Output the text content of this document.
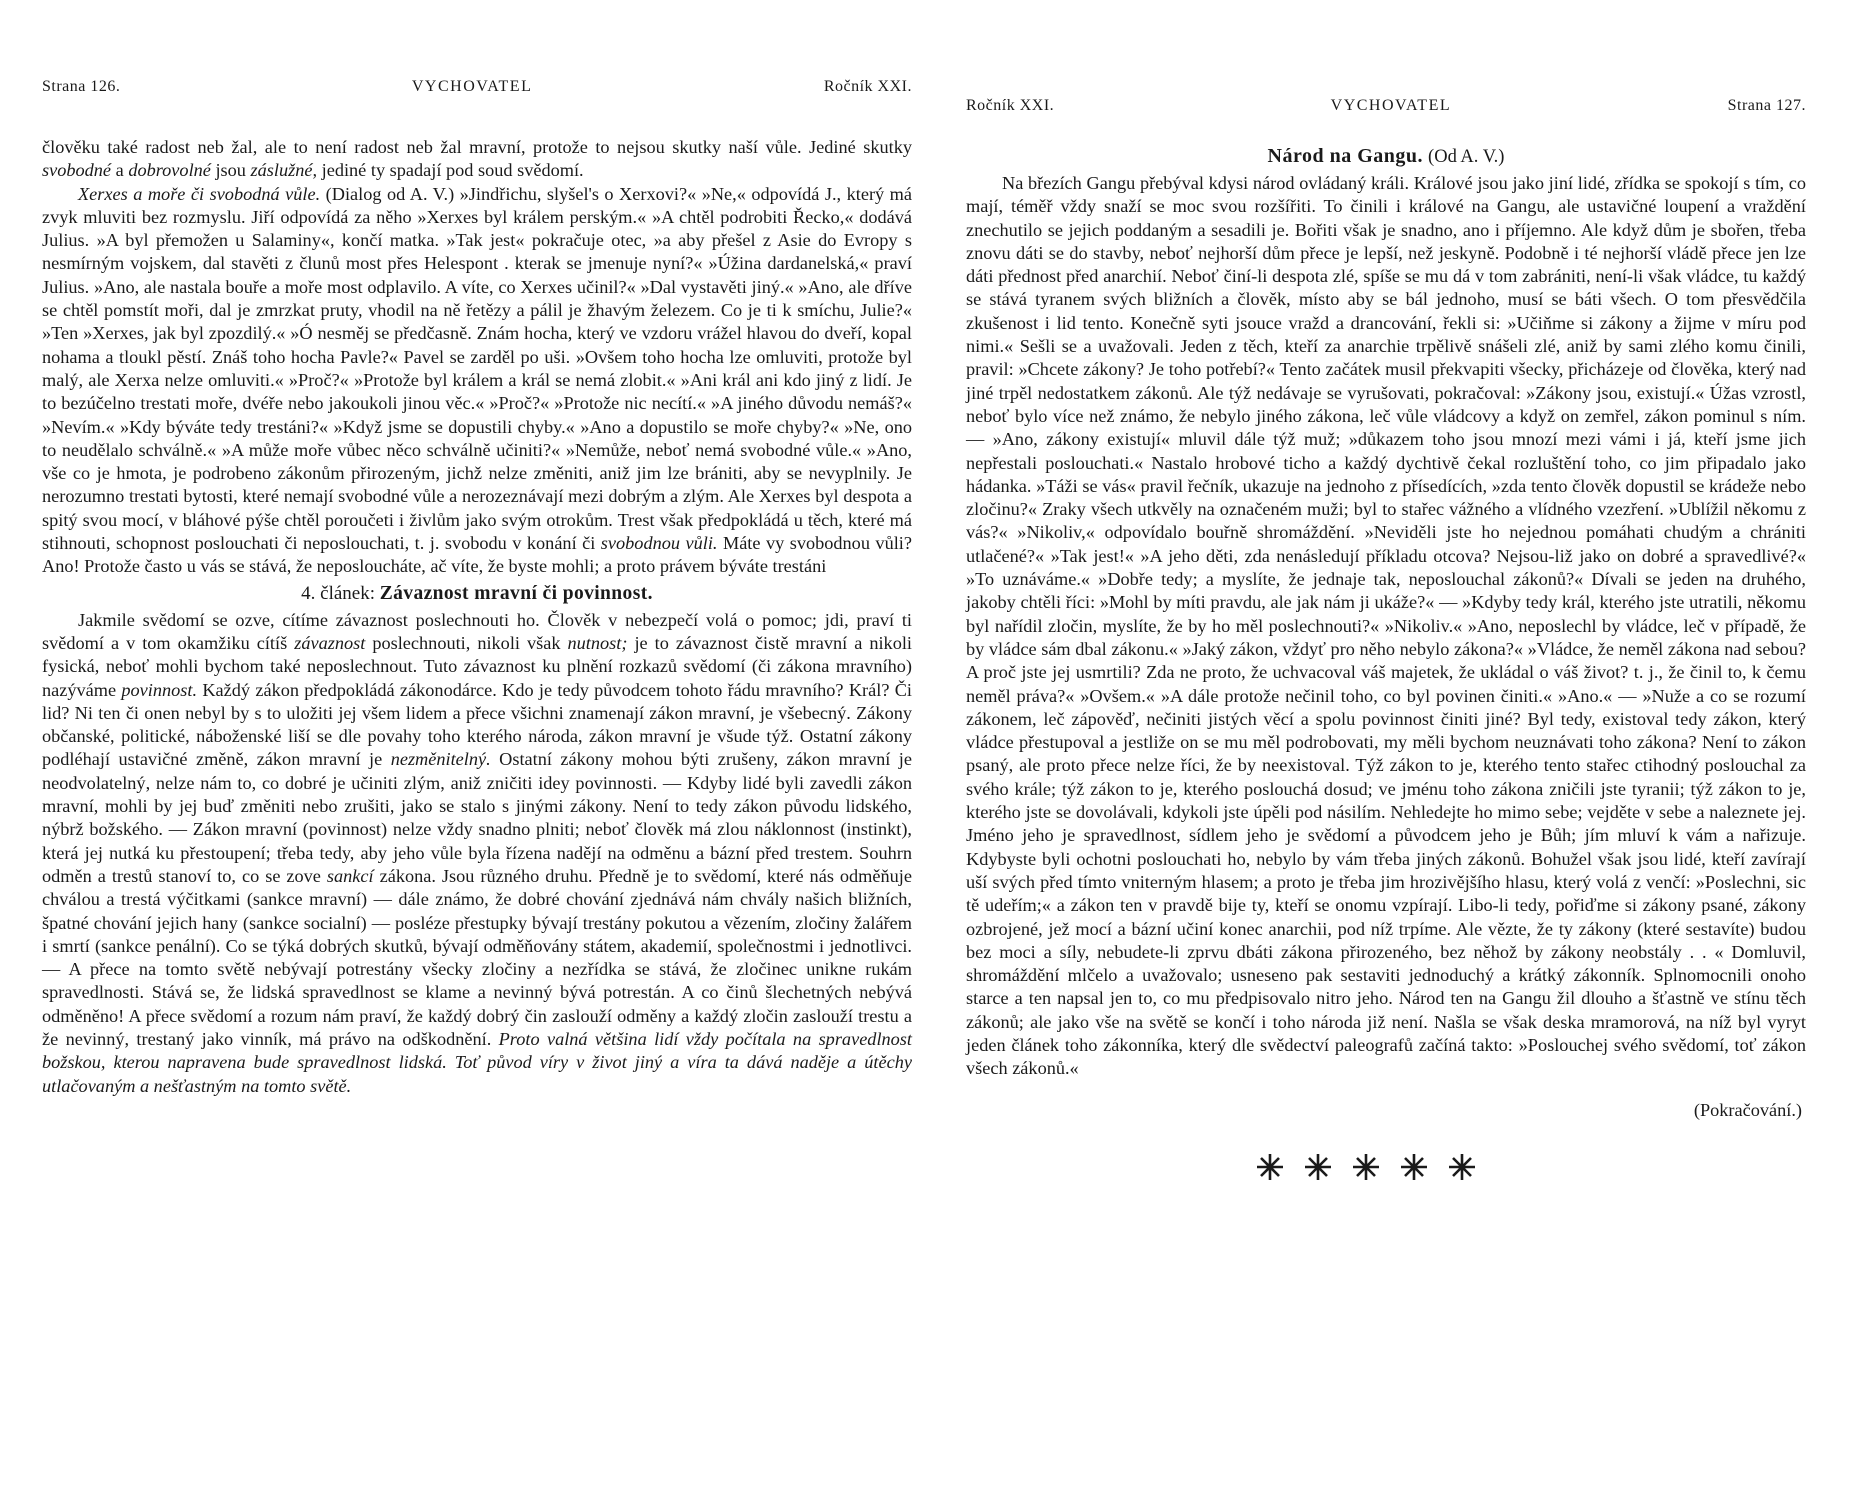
Strana 126.	VYCHOVATEL	Ročník XXI.

člověku také radost neb žal, ale to není radost neb žal mravní, protože to nejsou skutky naší vůle. Jediné skutky svobodné a dobrovolné jsou záslužné, jediné ty spadají pod soud svědomí.

Xerxes a moře či svobodná vůle. (Dialog od A. V.) »Jindřichu, slyšel's o Xerxovi?« »Ne,« odpovídá J., který má zvyk mluviti bez rozmyslu. Jiří odpovídá za něho »Xerxes byl králem perským.« »A chtěl podrobiti Řecko,« dodává Julius. »A byl přemožen u Salaminy«, končí matka. »Tak jest« pokračuje otec, »a aby přešel z Asie do Evropy s nesmírným vojskem, dal stavěti z člunů most přes Helespont . kterak se jmenuje nyní?« »Úžina dardanelská,« praví Julius. »Ano, ale nastala bouře a moře most odplavilo. A víte, co Xerxes učinil?« »Dal vystavěti jiný.« »Ano, ale dříve se chtěl pomstít moři, dal je zmrzkat pruty, vhodil na ně řetězy a pálil je žhavým železem. Co je ti k smíchu, Julie?« »Ten »Xerxes, jak byl zpozdilý.« »Ó nesměj se předčasně. Znám hocha, který ve vzdoru vrážel hlavou do dveří, kopal nohama a tloukl pěstí. Znáš toho hocha Pavle?« Pavel se zarděl po uši. »Ovšem toho hocha lze omluviti, protože byl malý, ale Xerxa nelze omluviti.« »Proč?« »Protože byl králem a král se nemá zlobit.« »Ani král ani kdo jiný z lidí. Je to bezúčelno trestati moře, dvéře nebo jakoukoli jinou věc.« »Proč?« »Protože nic necítí.« »A jiného důvodu nemáš?« »Nevím.« »Kdy býváte tedy trestáni?« »Když jsme se dopustili chyby.« »Ano a dopustilo se moře chyby?« »Ne, ono to neudělalo schválně.« »A může moře vůbec něco schválně učiniti?« »Nemůže, neboť nemá svobodné vůle.« »Ano, vše co je hmota, je podrobeno zákonům přirozeným, jichž nelze změniti, aniž jim lze brániti, aby se nevyplnily. Je nerozumno trestati bytosti, které nemají svobodné vůle a nerozeznávají mezi dobrým a zlým. Ale Xerxes byl despota a spitý svou mocí, v bláhové pýše chtěl poroučeti i živlům jako svým otrokům. Trest však předpokládá u těch, které má stihnouti, schopnost poslouchati či neposlouchati, t. j. svobodu v konání či svobodnou vůli. Máte vy svobodnou vůli? Ano! Protože často u vás se stává, že neposloucháte, ač víte, že byste mohli; a proto právem býváte trestáni

4. článek: Závaznost mravní či povinnost.

Jakmile svědomí se ozve, cítíme závaznost poslechnouti ho. Člověk v nebezpečí volá o pomoc; jdi, praví ti svědomí a v tom okamžiku cítíš závaznost poslechnouti, nikoli však nutnost; je to závaznost čistě mravní a nikoli fysická, neboť mohli bychom také neposlechnout. Tuto závaznost ku plnění rozkazů svědomí (či zákona mravního) nazýváme povinnost. Každý zákon předpokládá zákonodárce. Kdo je tedy původcem tohoto řádu mravního? Král? Či lid? Ni ten či onen nebyl by s to uložiti jej všem lidem a přece všichni znamenají zákon mravní, je všebecný. Zákony občanské, politické, náboženské liší se dle povahy toho kterého národa, zákon mravní je všude týž. Ostatní zákony podléhají ustavičné změně, zákon mravní je nezměnitelný. Ostatní zákony mohou býti zrušeny, zákon mravní je neodvolatelný, nelze nám to, co dobré je učiniti zlým, aniž zničiti idey povinnosti. — Kdyby lidé byli zavedli zákon mravní, mohli by jej buď změniti nebo zrušiti, jako se stalo s jinými zákony. Není to tedy zákon původu lidského, nýbrž božského. — Zákon mravní (povinnost) nelze vždy snadno plniti; neboť člověk má zlou náklonnost (instinkt), která jej nutká ku přestoupení; třeba tedy, aby jeho vůle byla řízena nadějí na odměnu a bázní před trestem. Souhrn odměn a trestů stanoví to, co se zove sankcí zákona. Jsou různého druhu. Předně je to svědomí, které nás odměňuje chválou a trestá výčitkami (sankce mravní) — dále známo, že dobré chování zjednává nám chvály našich bližních, špatné chování jejich hany (sankce socialní) — posléze přestupky bývají trestány pokutou a vězením, zločiny žalářem i smrtí (sankce penální). Co se týká dobrých skutků, bývají odměňovány státem, akademií, společnostmi i jednotlivci. — A přece na tomto světě nebývají potrestány všecky zločiny a nezřídka se stává, že zločinec unikne rukám spravedlnosti. Stává se, že lidská spravedlnost se klame a nevinný bývá potrestán. A co činů šlechetných nebývá odměněno! A přece svědomí a rozum nám praví, že každý dobrý čin zaslouží odměny a každý zločin zaslouží trestu a že nevinný, trestaný jako vinník, má právo na odškodnění. Proto valná většina lidí vždy počítala na spravedlnost božskou, kterou napravena bude spravedlnost lidská. Toť původ víry v život jiný a víra ta dává naděje a útěchy utlačovaným a nešťastným na tomto světě.

Ročník XXI.	VYCHOVATEL	Strana 127.

Národ na Gangu. (Od A. V.)

Na březích Gangu přebýval kdysi národ ovládaný králi. Králové jsou jako jiní lidé, zřídka se spokojí s tím, co mají, téměř vždy snaží se moc svou rozšířiti. To činili i králové na Gangu, ale ustavičné loupení a vraždění znechutilo se jejich poddaným a sesadili je. Bořiti však je snadno, ano i příjemno. Ale když dům je sbořen, třeba znovu dáti se do stavby, neboť nejhorší dům přece je lepší, než jeskyně. Podobně i té nejhorší vládě přece jen lze dáti přednost před anarchií. Neboť činí-li despota zlé, spíše se mu dá v tom zabrániti, není-li však vládce, tu každý se stává tyranem svých bližních a člověk, místo aby se bál jednoho, musí se báti všech. O tom přesvědčila zkušenost i lid tento. Konečně syti jsouce vražd a drancování, řekli si: »Učiňme si zákony a žijme v míru pod nimi.« Sešli se a uvažovali. Jeden z těch, kteří za anarchie trpělivě snášeli zlé, aniž by sami zlého komu činili, pravil: »Chcete zákony? Je toho potřebí?« Tento začátek musil překvapiti všecky, přicházeje od člověka, který nad jiné trpěl nedostatkem zákonů. Ale týž nedávaje se vyrušovati, pokračoval: »Zákony jsou, existují.« Úžas vzrostl, neboť bylo více než známo, že nebylo jiného zákona, leč vůle vládcovy a když on zemřel, zákon pominul s ním. — »Ano, zákony existují« mluvil dále týž muž; »důkazem toho jsou mnozí mezi vámi i já, kteří jsme jich nepřestali poslouchati.« Nastalo hrobové ticho a každý dychtivě čekal rozluštění toho, co jim připadalo jako hádanka. »Táži se vás« pravil řečník, ukazuje na jednoho z přísedících, »zda tento člověk dopustil se krádeže nebo zločinu?« Zraky všech utkvěly na označeném muži; byl to stařec vážného a vlídného vzezření. »Ublížil někomu z vás?« »Nikoliv,« odpovídalo bouřně shromáždění. »Neviděli jste ho nejednou pomáhati chudým a chrániti utlačené?« »Tak jest!« »A jeho děti, zda nenásledují příkladu otcova? Nejsou-liž jako on dobré a spravedlivé?« »To uznáváme.« »Dobře tedy; a myslíte, že jednaje tak, neposlouchal zákonů?« Dívali se jeden na druhého, jakoby chtěli říci: »Mohl by míti pravdu, ale jak nám ji ukáže?« — »Kdyby tedy král, kterého jste utratili, někomu byl nařídil zločin, myslíte, že by ho měl poslechnouti?« »Nikoliv.« »Ano, neposlechl by vládce, leč v případě, že by vládce sám dbal zákonu.« »Jaký zákon, vždyť pro něho nebylo zákona?« »Vládce, že neměl zákona nad sebou? A proč jste jej usmrtili? Zda ne proto, že uchvacoval váš majetek, že ukládal o váš život? t. j., že činil to, k čemu neměl práva?« »Ovšem.« »A dále protože nečinil toho, co byl povinen činiti.« »Ano.« — »Nuže a co se rozumí zákonem, leč zápověď, nečiniti jistých věcí a spolu povinnost činiti jiné? Byl tedy, existoval tedy zákon, který vládce přestupoval a jestliže on se mu měl podrobovati, my měli bychom neuznávati toho zákona? Není to zákon psaný, ale proto přece nelze říci, že by neexistoval. Týž zákon to je, kterého tento stařec ctihodný poslouchal za svého krále; týž zákon to je, kterého poslouchá dosud; ve jménu toho zákona zničili jste tyranii; týž zákon to je, kterého jste se dovolávali, kdykoli jste úpěli pod násilím. Nehledejte ho mimo sebe; vejděte v sebe a naleznete jej. Jméno jeho je spravedlnost, sídlem jeho je svědomí a původcem jeho je Bůh; jím mluví k vám a nařizuje. Kdybyste byli ochotni poslouchati ho, nebylo by vám třeba jiných zákonů. Bohužel však jsou lidé, kteří zavírají uší svých před tímto vniterným hlasem; a proto je třeba jim hrozivějšího hlasu, který volá z venčí: »Poslechni, sic tě udeřím;« a zákon ten v pravdě bije ty, kteří se onomu vzpírají. Libo-li tedy, pořiďme si zákony psané, zákony ozbrojené, jež mocí a bázní učiní konec anarchii, pod níž trpíme. Ale vězte, že ty zákony (které sestavíte) budou bez moci a síly, nebudete-li zprvu dbáti zákona přirozeného, bez něhož by zákony neobstály . . « Domluvil, shromáždění mlčelo a uvažovalo; usneseno pak sestaviti jednoduchý a krátký zákonník. Splnomocnili onoho starce a ten napsal jen to, co mu předpisovalo nitro jeho. Národ ten na Gangu žil dlouho a šťastně ve stínu těch zákonů; ale jako vše na světě se končí i toho národa již není. Našla se však deska mramorová, na níž byl vyryt jeden článek toho zákonníka, který dle svědectví paleografů začíná takto: »Poslouchej svého svědomí, toť zákon všech zákonů.«

(Pokračování.)
